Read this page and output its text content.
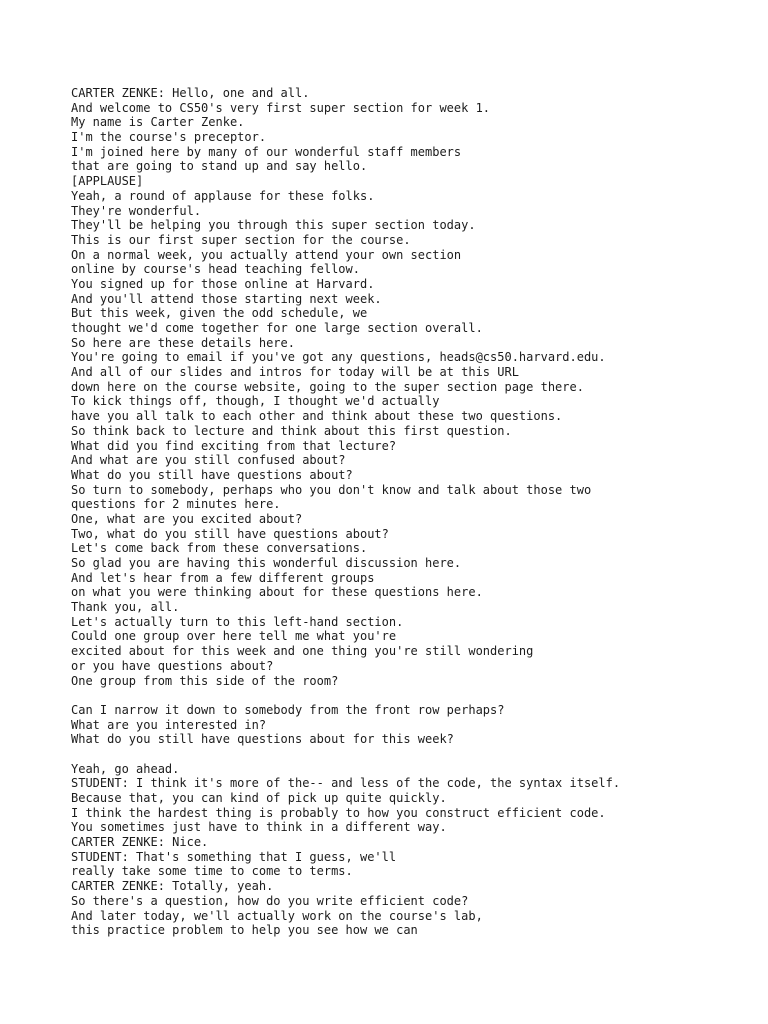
CARTER ZENKE: Hello, one and all.
And welcome to CS50's very first super section for week 1.
My name is Carter Zenke.
I'm the course's preceptor.
I'm joined here by many of our wonderful staff members
that are going to stand up and say hello.
[APPLAUSE]
Yeah, a round of applause for these folks.
They're wonderful.
They'll be helping you through this super section today.
This is our first super section for the course.
On a normal week, you actually attend your own section
online by course's head teaching fellow.
You signed up for those online at Harvard.
And you'll attend those starting next week.
But this week, given the odd schedule, we
thought we'd come together for one large section overall.
So here are these details here.
You're going to email if you've got any questions, heads@cs50.harvard.edu.
And all of our slides and intros for today will be at this URL
down here on the course website, going to the super section page there.
To kick things off, though, I thought we'd actually
have you all talk to each other and think about these two questions.
So think back to lecture and think about this first question.
What did you find exciting from that lecture?
And what are you still confused about?
What do you still have questions about?
So turn to somebody, perhaps who you don't know and talk about those two
questions for 2 minutes here.
One, what are you excited about?
Two, what do you still have questions about?
Let's come back from these conversations.
So glad you are having this wonderful discussion here.
And let's hear from a few different groups
on what you were thinking about for these questions here.
Thank you, all.
Let's actually turn to this left-hand section.
Could one group over here tell me what you're
excited about for this week and one thing you're still wondering
or you have questions about?
One group from this side of the room?
Can I narrow it down to somebody from the front row perhaps?
What are you interested in?
What do you still have questions about for this week?
Yeah, go ahead.
STUDENT: I think it's more of the-- and less of the code, the syntax itself.
Because that, you can kind of pick up quite quickly.
I think the hardest thing is probably to how you construct efficient code.
You sometimes just have to think in a different way.
CARTER ZENKE: Nice.
STUDENT: That's something that I guess, we'll
really take some time to come to terms.
CARTER ZENKE: Totally, yeah.
So there's a question, how do you write efficient code?
And later today, we'll actually work on the course's lab,
this practice problem to help you see how we can
